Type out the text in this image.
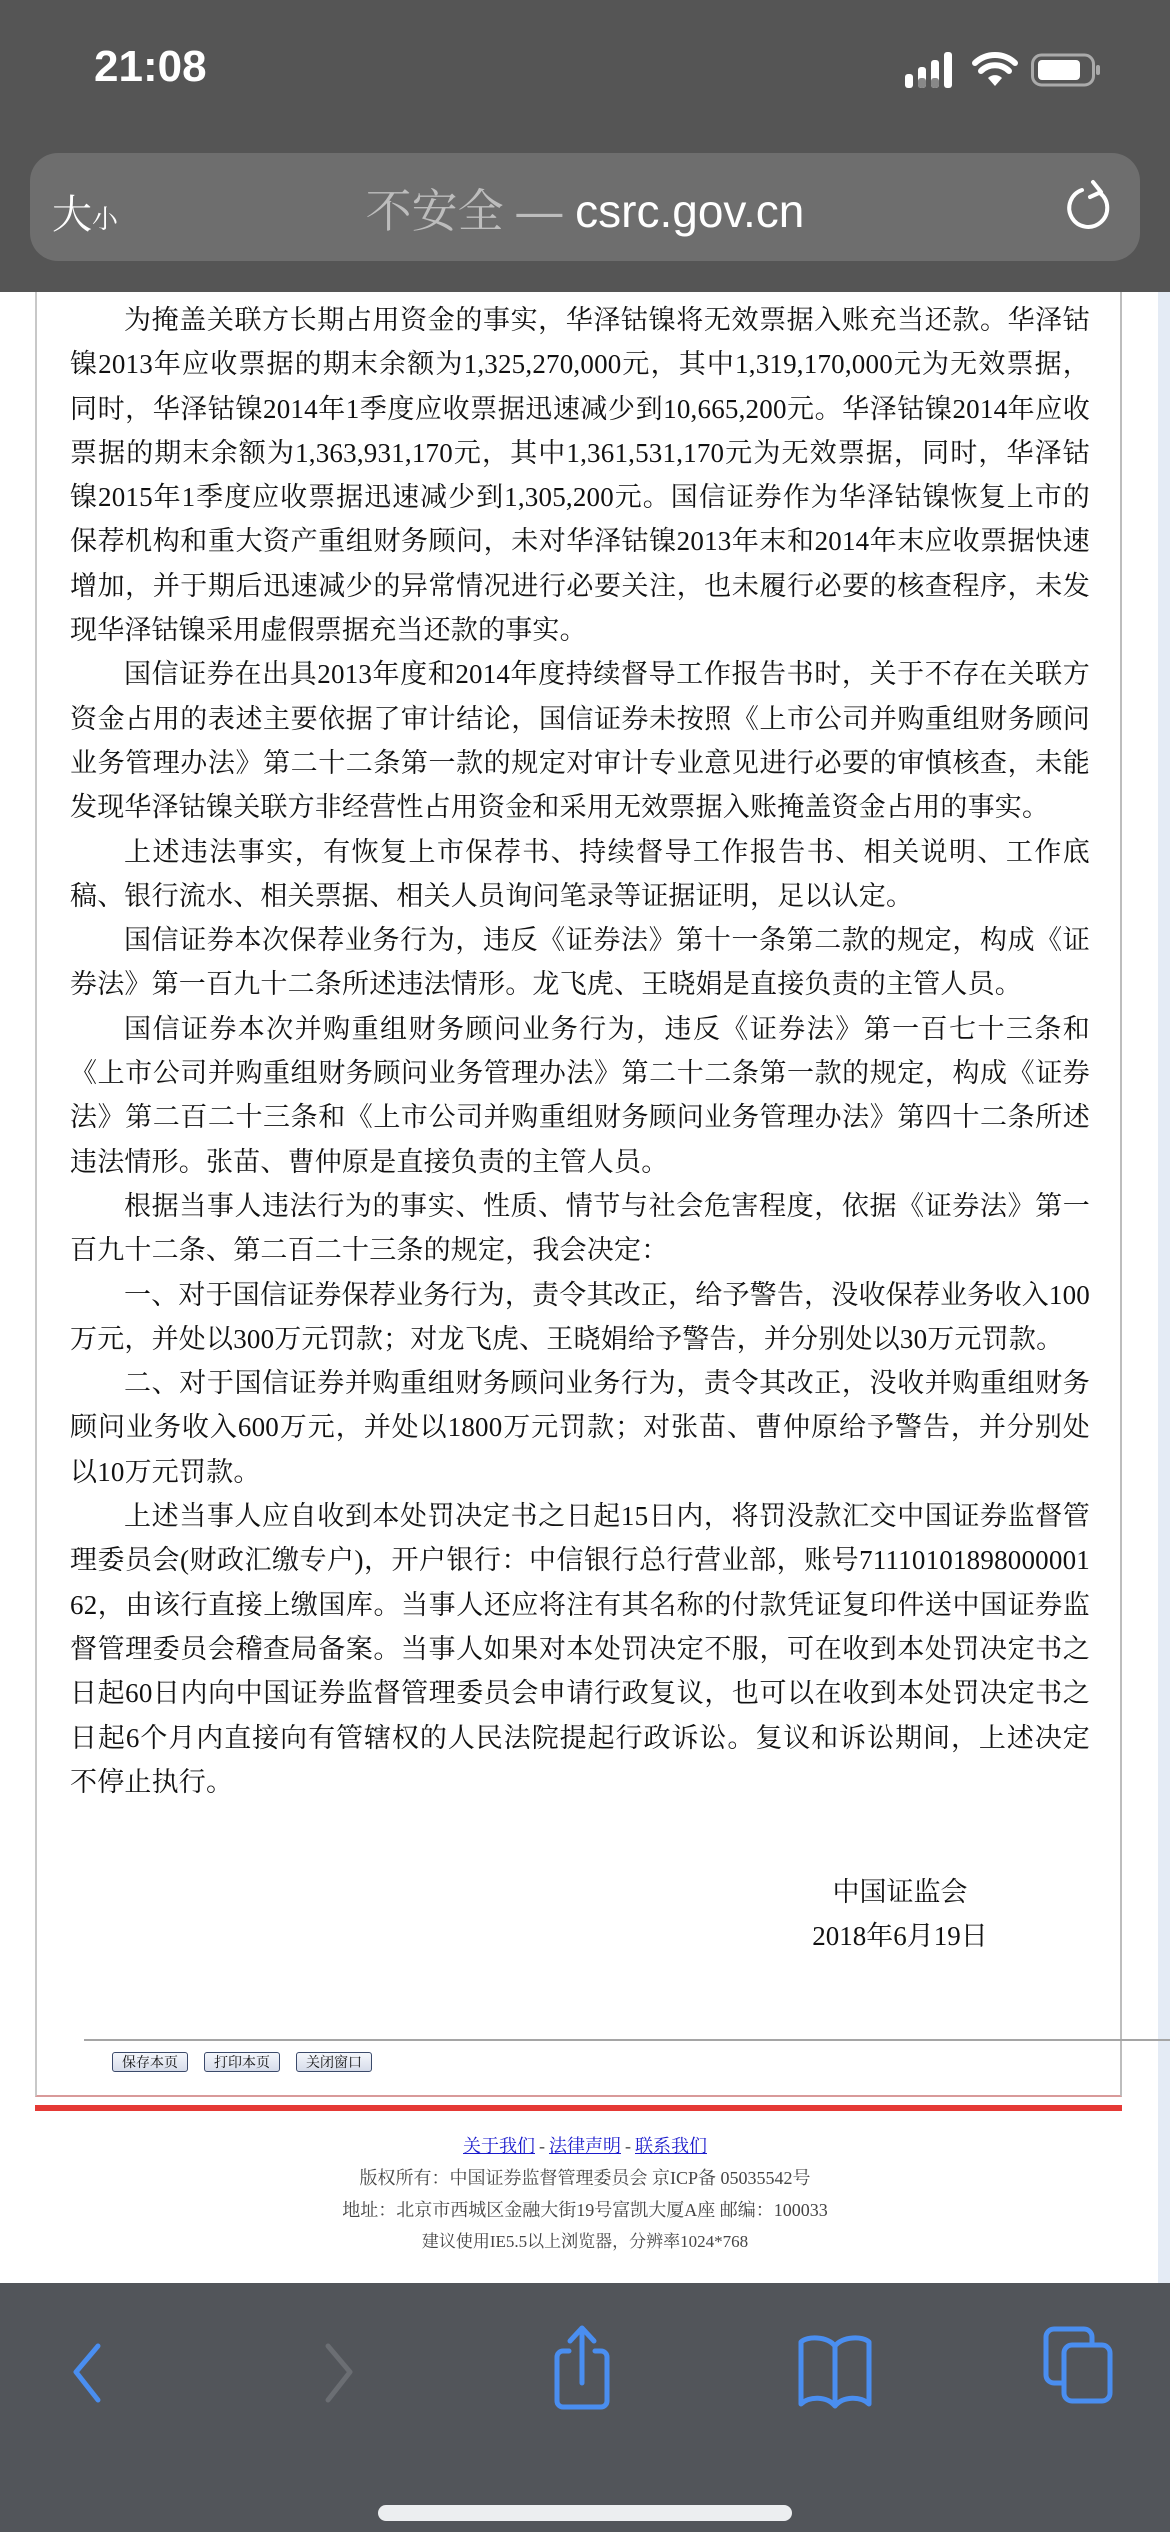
为掩盖关联方长期占用资金的事实，华泽钴镍将无效票据入账充当还款。华泽钴镍2013年应收票据的期末余额为1,325,270,000元，其中1,319,170,000元为无效票据，同时，华泽钴镍2014年1季度应收票据迅速减少到10,665,200元。华泽钴镍2014年应收票据的期末余额为1,363,931,170元，其中1,361,531,170元为无效票据，同时，华泽钴镍2015年1季度应收票据迅速减少到1,305,200元。国信证券作为华泽钴镍恢复上市的保荐机构和重大资产重组财务顾问，未对华泽钴镍2013年末和2014年末应收票据快速增加，并于期后迅速减少的异常情况进行必要关注，也未履行必要的核查程序，未发现华泽钴镍采用虚假票据充当还款的事实。

国信证券在出具2013年度和2014年度持续督导工作报告书时，关于不存在关联方资金占用的表述主要依据了审计结论，国信证券未按照《上市公司并购重组财务顾问业务管理办法》第二十二条第一款的规定对审计专业意见进行必要的审慎核查，未能发现华泽钴镍关联方非经营性占用资金和采用无效票据入账掩盖资金占用的事实。

上述违法事实，有恢复上市保荐书、持续督导工作报告书、相关说明、工作底稿、银行流水、相关票据、相关人员询问笔录等证据证明，足以认定。

国信证券本次保荐业务行为，违反《证券法》第十一条第二款的规定，构成《证券法》第一百九十二条所述违法情形。龙飞虎、王晓娟是直接负责的主管人员。

国信证券本次并购重组财务顾问业务行为，违反《证券法》第一百七十三条和《上市公司并购重组财务顾问业务管理办法》第二十二条第一款的规定，构成《证券法》第二百二十三条和《上市公司并购重组财务顾问业务管理办法》第四十二条所述违法情形。张苗、曹仲原是直接负责的主管人员。

根据当事人违法行为的事实、性质、情节与社会危害程度，依据《证券法》第一百九十二条、第二百二十三条的规定，我会决定：

一、对于国信证券保荐业务行为，责令其改正，给予警告，没收保荐业务收入100万元，并处以300万元罚款；对龙飞虎、王晓娟给予警告，并分别处以30万元罚款。

二、对于国信证券并购重组财务顾问业务行为，责令其改正，没收并购重组财务顾问业务收入600万元，并处以1800万元罚款；对张苗、曹仲原给予警告，并分别处以10万元罚款。

上述当事人应自收到本处罚决定书之日起15日内，将罚没款汇交中国证券监督管理委员会(财政汇缴专户)，开户银行：中信银行总行营业部，账号7111010189800000162，由该行直接上缴国库。当事人还应将注有其名称的付款凭证复印件送中国证券监督管理委员会稽查局备案。当事人如果对本处罚决定不服，可在收到本处罚决定书之日起60日内向中国证券监督管理委员会申请行政复议，也可以在收到本处罚决定书之日起6个月内直接向有管辖权的人民法院提起行政诉讼。复议和诉讼期间，上述决定不停止执行。

中国证监会
2018年6月19日
保存本页	打印本页	关闭窗口
关于我们 - 法律声明 - 联系我们
版权所有：中国证券监督管理委员会 京ICP备 05035542号
地址：北京市西城区金融大街19号富凯大厦A座 邮编：100033
建议使用IE5.5以上浏览器，分辨率1024*768
21:08
大小	不安全 — csrc.gov.cn
